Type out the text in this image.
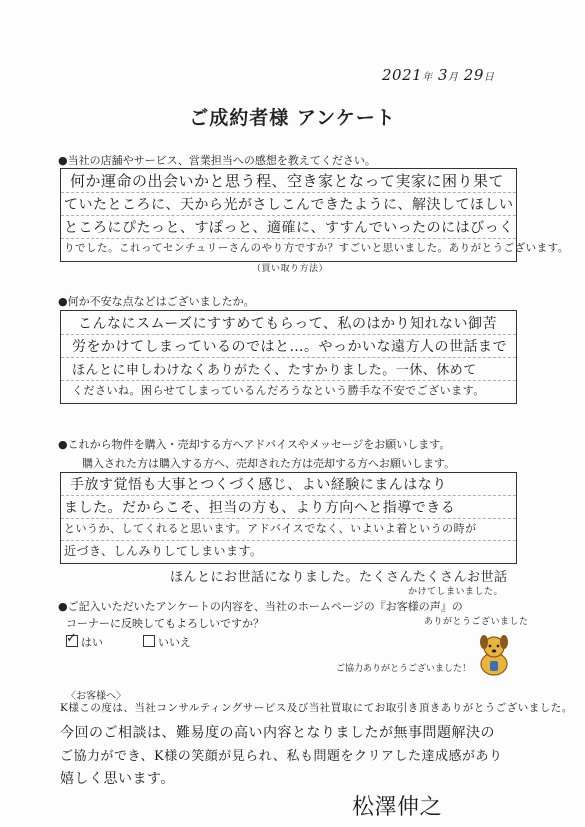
2021年 3月 29日
ご成約者様 アンケート
●当社の店舗やサービス、営業担当への感想を教えてください。
何か運命の出会いかと思う程、空き家となって実家に困り果て
ていたところに、天から光がさしこんできたように、解決してほしい
ところにぴたっと、すぽっと、適確に、すすんでいったのにはびっく
りでした。これってセンチュリーさんのやり方ですか？すごいと思いました。ありがとうございます。
（買い取り方法）
●何か不安な点などはございましたか。
こんなにスムーズにすすめてもらって、私のはかり知れない御苦
労をかけてしまっているのではと…。やっかいな遠方人の世話まで
ほんとに申しわけなくありがたく、たすかりました。一休、休めて
くださいね。困らせてしまっているんだろうなという勝手な不安でございます。
●これから物件を購入・売却する方へアドバイスやメッセージをお願いします。
購入された方は購入する方へ、売却された方は売却する方へお願いします。
手放す覚悟も大事とつくづく感じ、よい経験にまんはなり
ました。だからこそ、担当の方も、より方向へと指導できる
というか、してくれると思います。アドバイスでなく、いよいよ着というの時が
近づき、しんみりしてしまいます。
ほんとにお世話になりました。たくさんたくさんお世話
かけてしまいました。
●ご記入いただいたアンケートの内容を、当社のホームページの『お客様の声』の
コーナーに反映してもよろしいですか？
✓ はい	いいえ
ありがとうございました
ご協力ありがとうございました！
〈お客様へ〉
K様この度は、当社コンサルティングサービス及び当社買取にてお取引き頂きありがとうございました。
今回のご相談は、難易度の高い内容となりましたが無事問題解決の
ご協力ができ、K様の笑顔が見られ、私も問題をクリアした達成感があり
嬉しく思います。
松澤伸之
